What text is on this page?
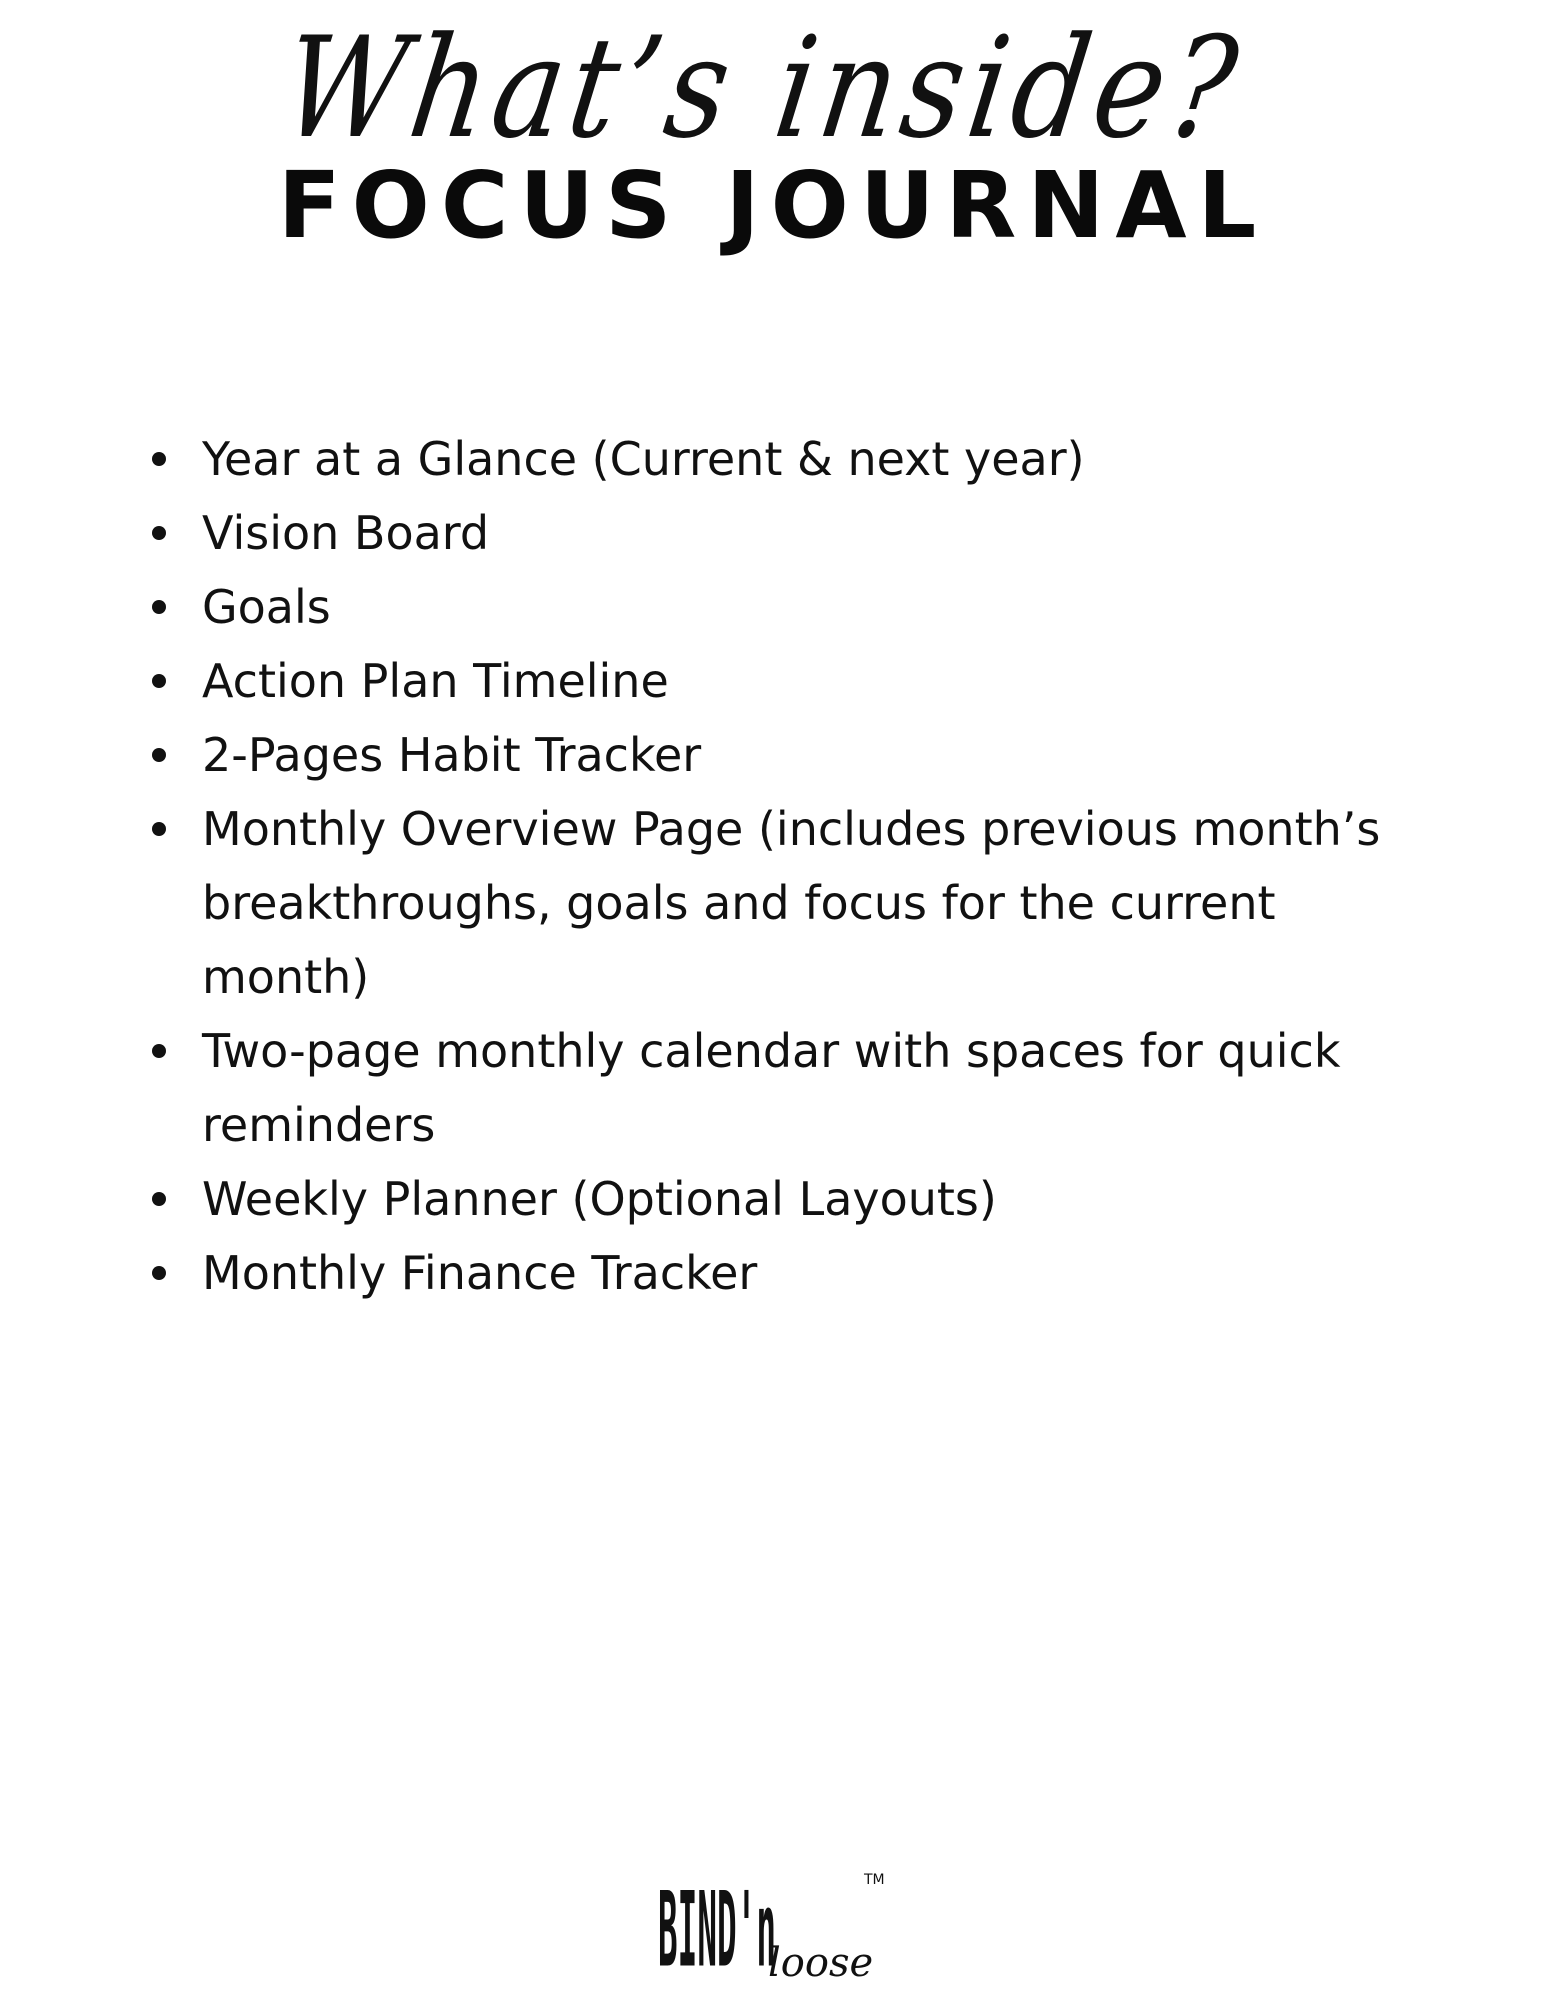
What’s inside?
FOCUS JOURNAL
Year at a Glance (Current & next year)
Vision Board
Goals
Action Plan Timeline
2-Pages Habit Tracker
Monthly Overview Page (includes previous month’s breakthroughs, goals and focus for the current month)
Two-page monthly calendar with spaces for quick reminders
Weekly Planner (Optional Layouts)
Monthly Finance Tracker
BIND'n
loose
TM
